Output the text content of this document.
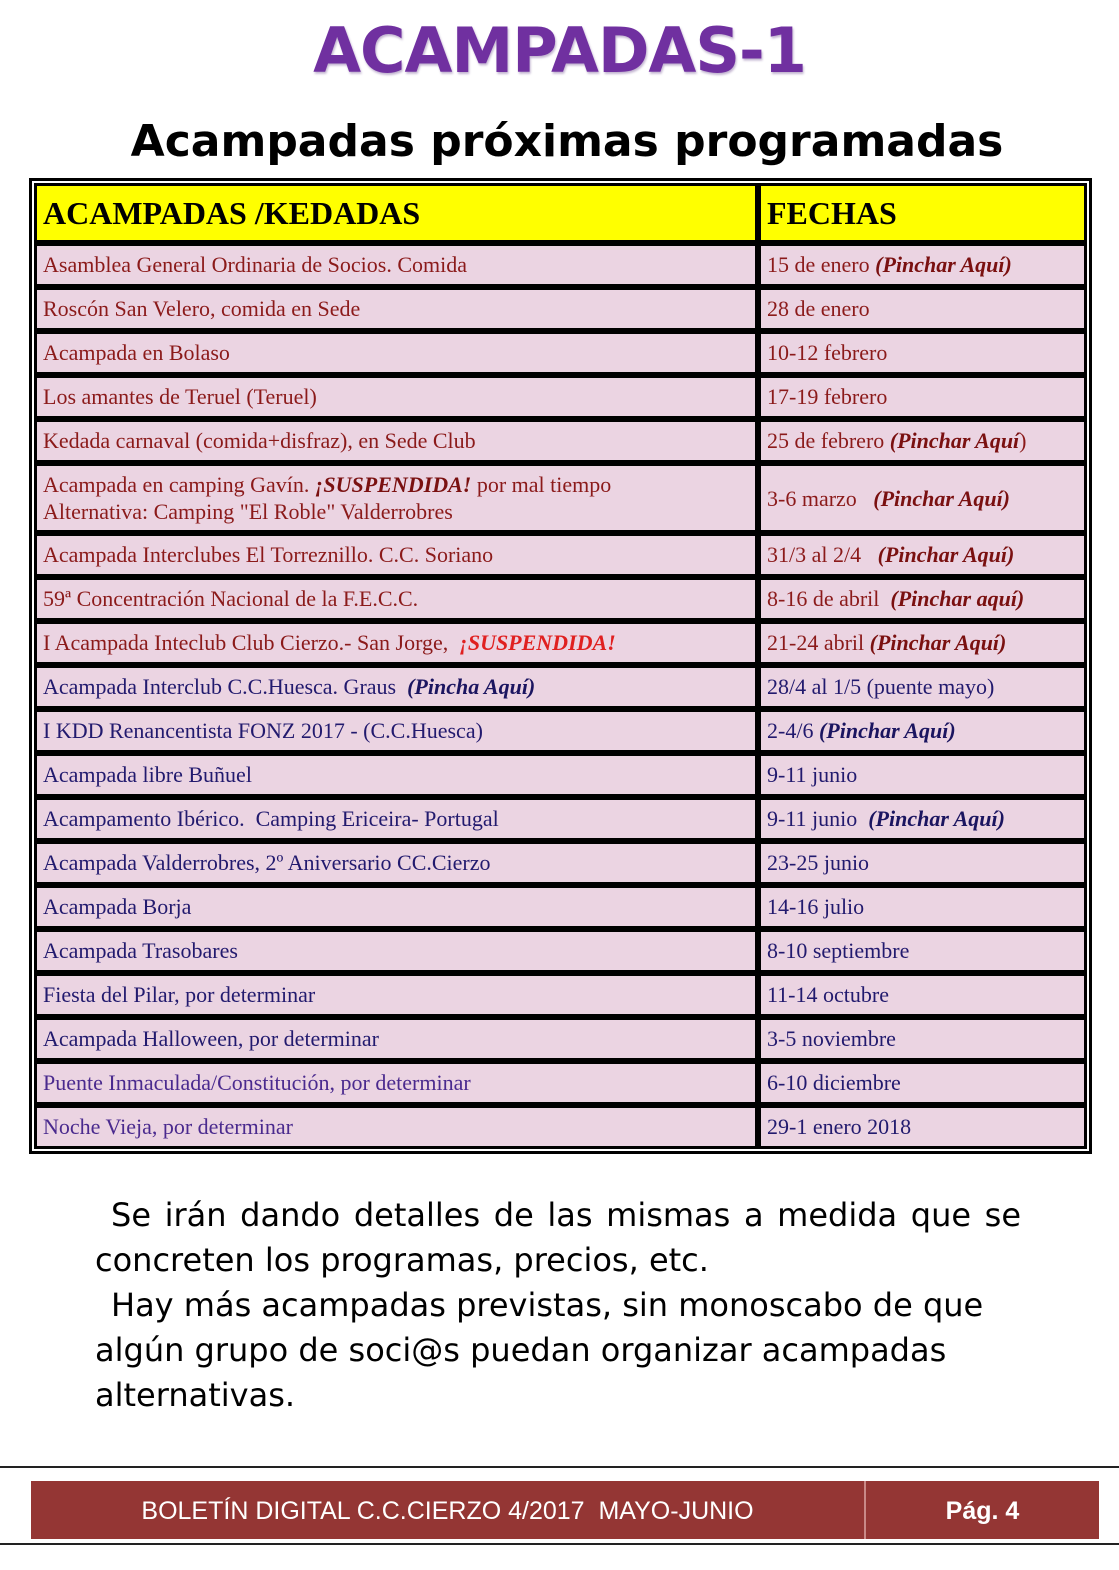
ACAMPADAS-1
Acampadas próximas programadas
ACAMPADAS /KEDADAS	FECHAS
Asamblea General Ordinaria de Socios. Comida	15 de enero (Pinchar Aquí)
Roscón San Velero, comida en Sede	28 de enero
Acampada en Bolaso	10-12 febrero
Los amantes de Teruel (Teruel)	17-19 febrero
Kedada carnaval (comida+disfraz), en Sede Club	25 de febrero (Pinchar Aquí)
Acampada en camping Gavín. ¡SUSPENDIDA! por mal tiempo
Alternativa: Camping "El Roble" Valderrobres	3-6 marzo   (Pinchar Aquí)
Acampada Interclubes El Torreznillo. C.C. Soriano	31/3 al 2/4   (Pinchar Aquí)
59ª Concentración Nacional de la F.E.C.C.	8-16 de abril  (Pinchar aquí)
I Acampada Inteclub Club Cierzo.- San Jorge,  ¡SUSPENDIDA!	21-24 abril (Pinchar Aquí)
Acampada Interclub C.C.Huesca. Graus  (Pincha Aquí)	28/4 al 1/5 (puente mayo)
I KDD Renancentista FONZ 2017 - (C.C.Huesca)	2-4/6 (Pinchar Aquí)
Acampada libre Buñuel	9-11 junio
Acampamento Ibérico.  Camping Ericeira- Portugal	9-11 junio  (Pinchar Aquí)
Acampada Valderrobres, 2º Aniversario CC.Cierzo	23-25 junio
Acampada Borja	14-16 julio
Acampada Trasobares	8-10 septiembre
Fiesta del Pilar, por determinar	11-14 octubre
Acampada Halloween, por determinar	3-5 noviembre
Puente Inmaculada/Constitución, por determinar	6-10 diciembre
Noche Vieja, por determinar	29-1 enero 2018

Se irán dando detalles de las mismas a medida que se concreten los programas, precios, etc.

Hay más acampadas previstas, sin monoscabo de que algún grupo de soci@s puedan organizar acampadas alternativas.

BOLETÍN DIGITAL C.C.CIERZO 4/2017  MAYO-JUNIO	Pág. 4
